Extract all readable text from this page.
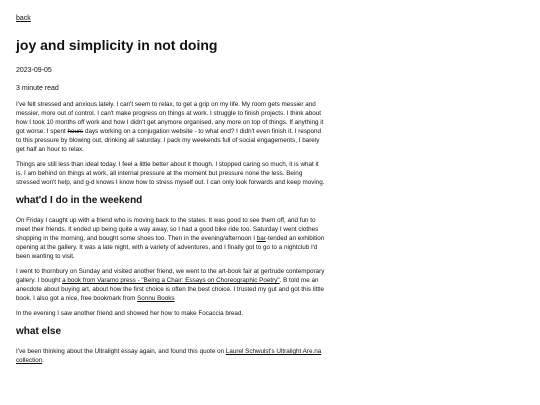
back
joy and simplicity in not doing
2023-09-05
3 minute read

I've felt stressed and anxious lately. I can't seem to relax, to get a grip on my life. My room gets messier and messier, more out of control. I can't make progress on things at work. I struggle to finish projects. I think about how I took 10 months off work and how I didn't get anymore organised, any more on top of things. If anything it got worse. I spent hours days working on a conjugation website - to what end? I didn't even finish it. I respond to this pressure by blowing out, drinking all saturday. I pack my weekends full of social engagements, I barely get half an hour to relax.

Things are still less than ideal today. I feel a little better about it though. I stopped caring so much, it is what it is. I am behind on things at work, all internal pressure at the moment but pressure none the less. Being stressed won't help, and g-d knows I know how to stress myself out. I can only look forwards and keep moving.

what'd I do in the weekend

On Friday I caught up with a friend who is moving back to the states. It was good to see them off, and fun to meet their friends. It ended up being quite a way away, so I had a good bike ride too. Saturday I went clothes shopping in the morning, and bought some shoes too. Then in the evening/afternoon I bar-tended an exhibition opening at the gallery. It was a late night, with a variety of adventures, and I finally got to go to a nightclub I'd been wanting to visit.

I went to thornbury on Sunday and visited another friend, we went to the art-book fair at gertrude contemporary gallery. I bought a book from Varamo press - "Being a Chair: Essays on Choreographic Poetry". B told me an anecdote about buying art, about how the first choice is often the best choice. I trusted my gut and got this little book. I also got a nice, free bookmark from Sonnu Books

In the evening I saw another friend and showed her how to make Focaccia bread.

what else

I've been thinking about the Ultralight essay again, and found this quote on Laurel Schwulst's Ultralight Are.na collection.
